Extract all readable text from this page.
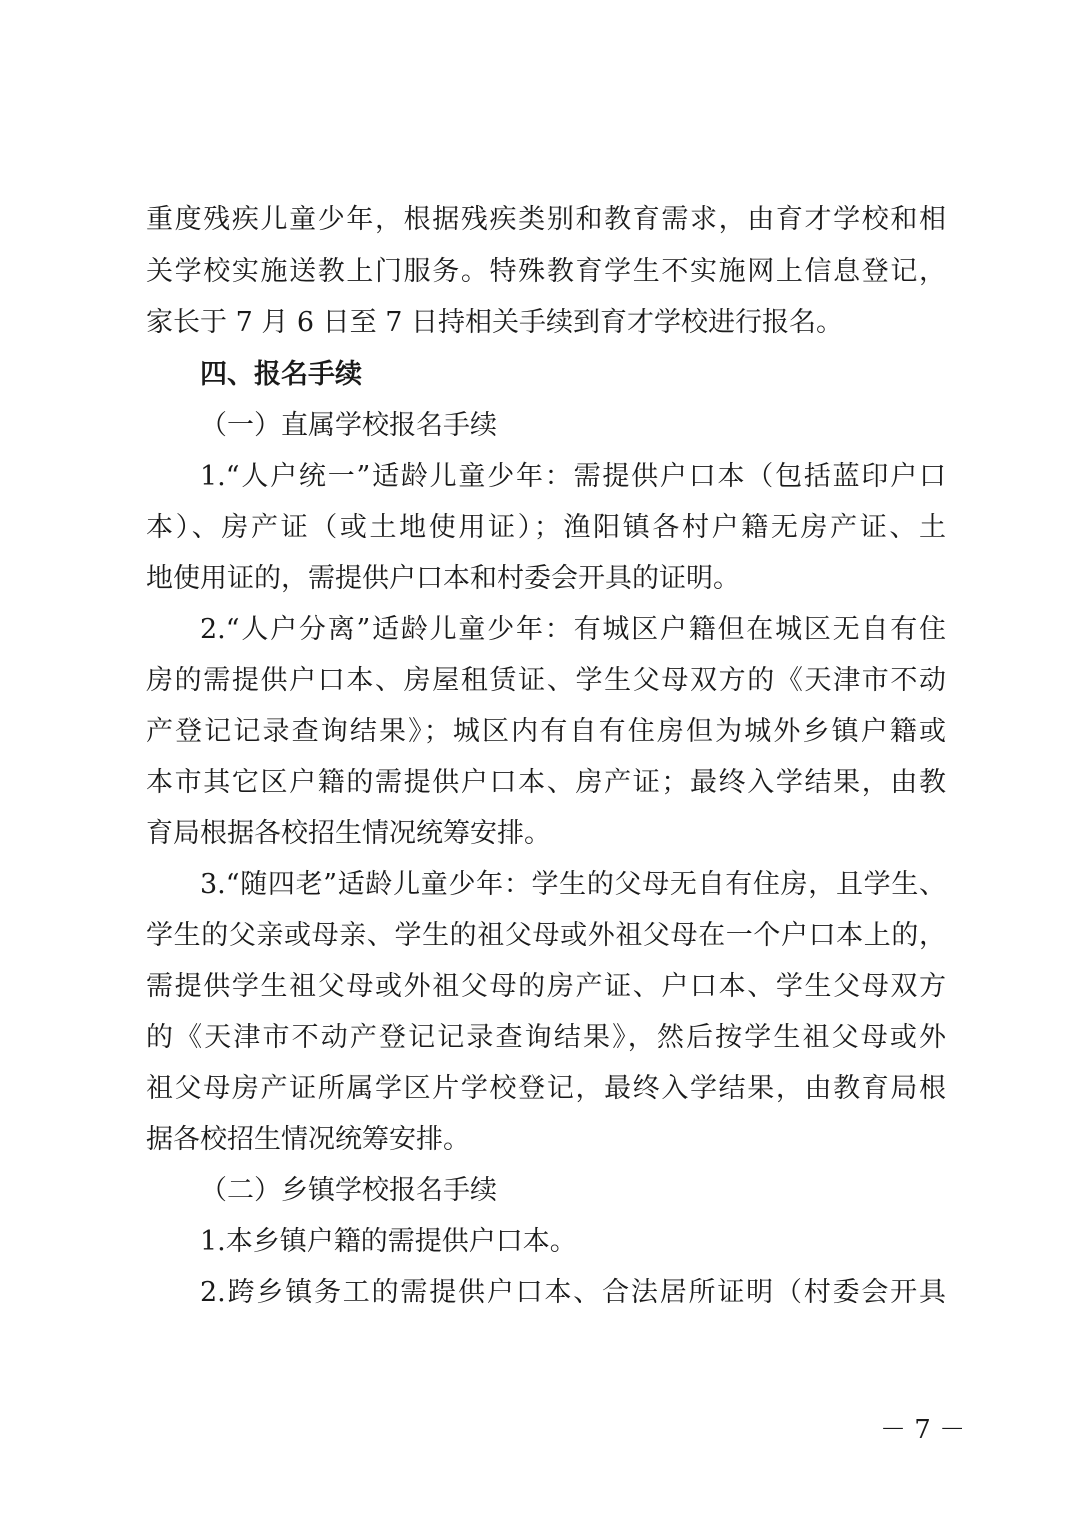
重度残疾儿童少年，根据残疾类别和教育需求，由育才学校和相
关学校实施送教上门服务。特殊教育学生不实施网上信息登记，
家长于 7 月 6 日至 7 日持相关手续到育才学校进行报名。
四、报名手续
（一）直属学校报名手续
1.“人户统一”适龄儿童少年：需提供户口本（包括蓝印户口
本）、房产证（或土地使用证）；渔阳镇各村户籍无房产证、土
地使用证的，需提供户口本和村委会开具的证明。
2.“人户分离”适龄儿童少年：有城区户籍但在城区无自有住
房的需提供户口本、房屋租赁证、学生父母双方的《天津市不动
产登记记录查询结果》；城区内有自有住房但为城外乡镇户籍或
本市其它区户籍的需提供户口本、房产证；最终入学结果，由教
育局根据各校招生情况统筹安排。
3.“随四老”适龄儿童少年：学生的父母无自有住房，且学生、
学生的父亲或母亲、学生的祖父母或外祖父母在一个户口本上的，
需提供学生祖父母或外祖父母的房产证、户口本、学生父母双方
的《天津市不动产登记记录查询结果》，然后按学生祖父母或外
祖父母房产证所属学区片学校登记，最终入学结果，由教育局根
据各校招生情况统筹安排。
（二）乡镇学校报名手续
1.本乡镇户籍的需提供户口本。
2.跨乡镇务工的需提供户口本、合法居所证明（村委会开具
－ 7 －
